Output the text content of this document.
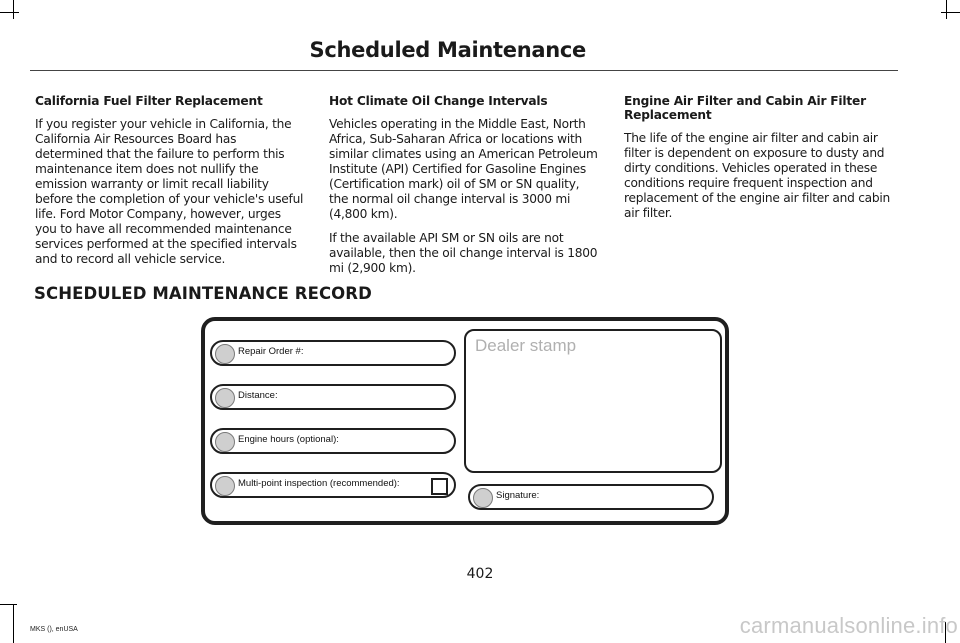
Scheduled Maintenance
California Fuel Filter Replacement

If you register your vehicle in California, the California Air Resources Board has determined that the failure to perform this maintenance item does not nullify the emission warranty or limit recall liability before the completion of your vehicle's useful life. Ford Motor Company, however, urges you to have all recommended maintenance services performed at the specified intervals and to record all vehicle service.

Hot Climate Oil Change Intervals

Vehicles operating in the Middle East, North Africa, Sub-Saharan Africa or locations with similar climates using an American Petroleum Institute (API) Certified for Gasoline Engines (Certification mark) oil of SM or SN quality, the normal oil change interval is 3000 mi (4,800 km).

If the available API SM or SN oils are not available, then the oil change interval is 1800 mi (2,900 km).

Engine Air Filter and Cabin Air Filter Replacement

The life of the engine air filter and cabin air filter is dependent on exposure to dusty and dirty conditions. Vehicles operated in these conditions require frequent inspection and replacement of the engine air filter and cabin air filter.

SCHEDULED MAINTENANCE RECORD
Repair Order #:
Distance:
Engine hours (optional):
Multi-point inspection (recommended):
Dealer stamp
Signature:
402
MKS (), enUSA	carmanualsonline.info
